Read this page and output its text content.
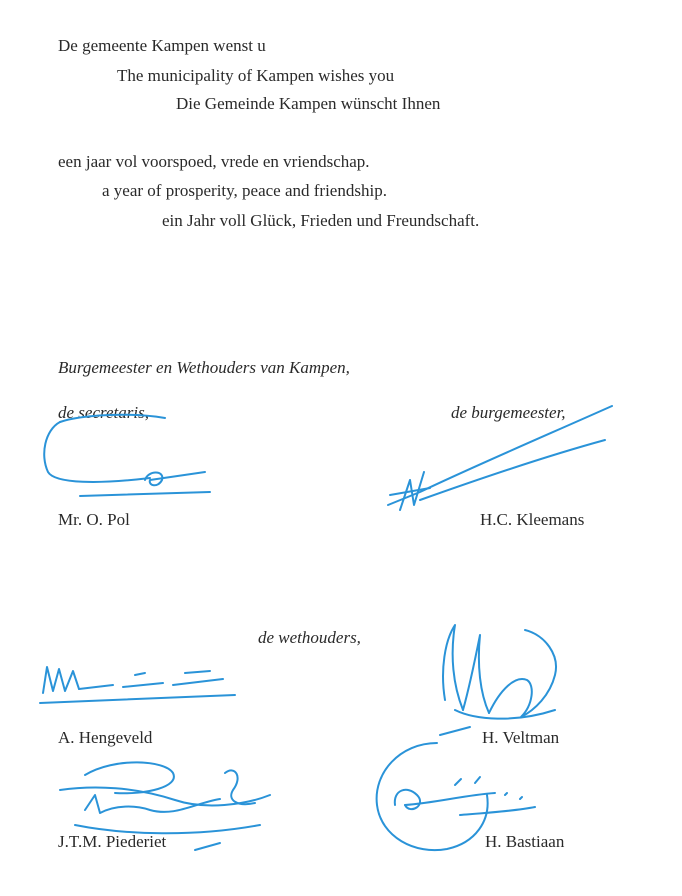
De gemeente Kampen wenst u
The municipality of Kampen wishes you
Die Gemeinde Kampen wünscht Ihnen
een jaar vol voorspoed, vrede en vriendschap.
a year of prosperity, peace and friendship.
ein Jahr voll Glück, Frieden und Freundschaft.
Burgemeester en Wethouders van Kampen,
de secretaris,	de burgemeester,
Mr. O. Pol	H.C. Kleemans
de wethouders,
A. Hengeveld	H. Veltman
J.T.M. Piederiet	H. Bastiaan
